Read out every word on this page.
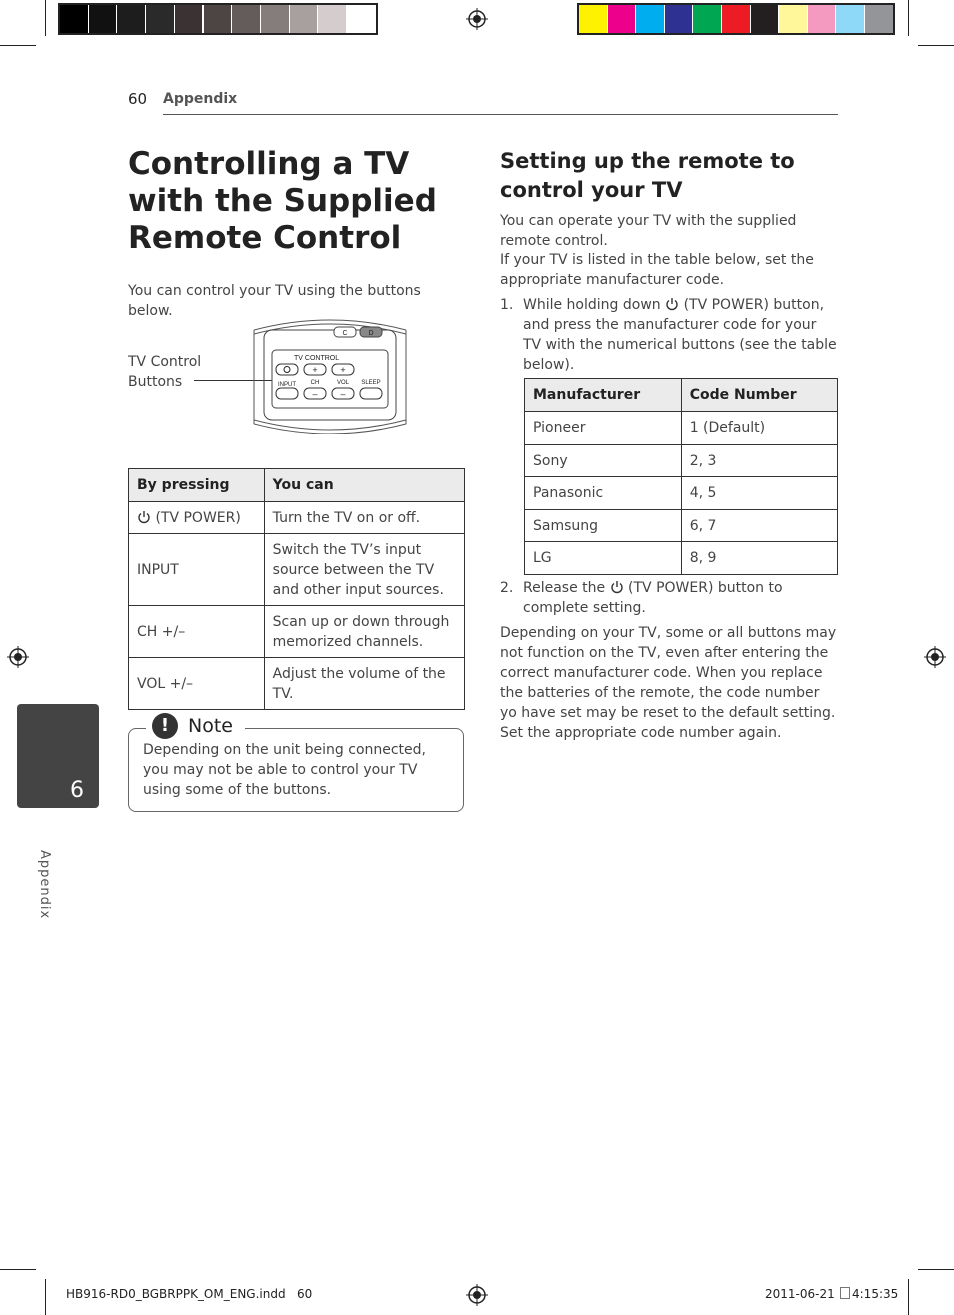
60 Appendix
Controlling a TV with the Supplied Remote Control
You can control your TV using the buttons below.
TV Control Buttons
C	D
TV CONTROL
+	+
INPUT CH	VOL SLEEP
–	–
By pressing	You can
(TV POWER)	Turn the TV on or off.
INPUT	Switch the TV’s input source between the TV and other input sources.
CH +/–	Scan up or down through memorized channels.
VOL +/–	Adjust the volume of the TV.
! Note
Depending on the unit being connected, you may not be able to control your TV using some of the buttons.
Setting up the remote to control your TV
You can operate your TV with the supplied remote control.
If your TV is listed in the table below, set the appropriate manufacturer code.
1. While holding down (TV POWER) button, and press the manufacturer code for your TV with the numerical buttons (see the table below).
Manufacturer	Code Number
Pioneer	1 (Default)
Sony	2, 3
Panasonic	4, 5
Samsung	6, 7
LG	8, 9
2. Release the (TV POWER) button to complete setting.
Depending on your TV, some or all buttons may not function on the TV, even after entering the correct manufacturer code. When you replace the batteries of the remote, the code number yo have set may be reset to the default setting. Set the appropriate code number again.
6
Appendix
HB916-RD0_BGBRPPK_OM_ENG.indd   60	2011-06-21	4:15:35
